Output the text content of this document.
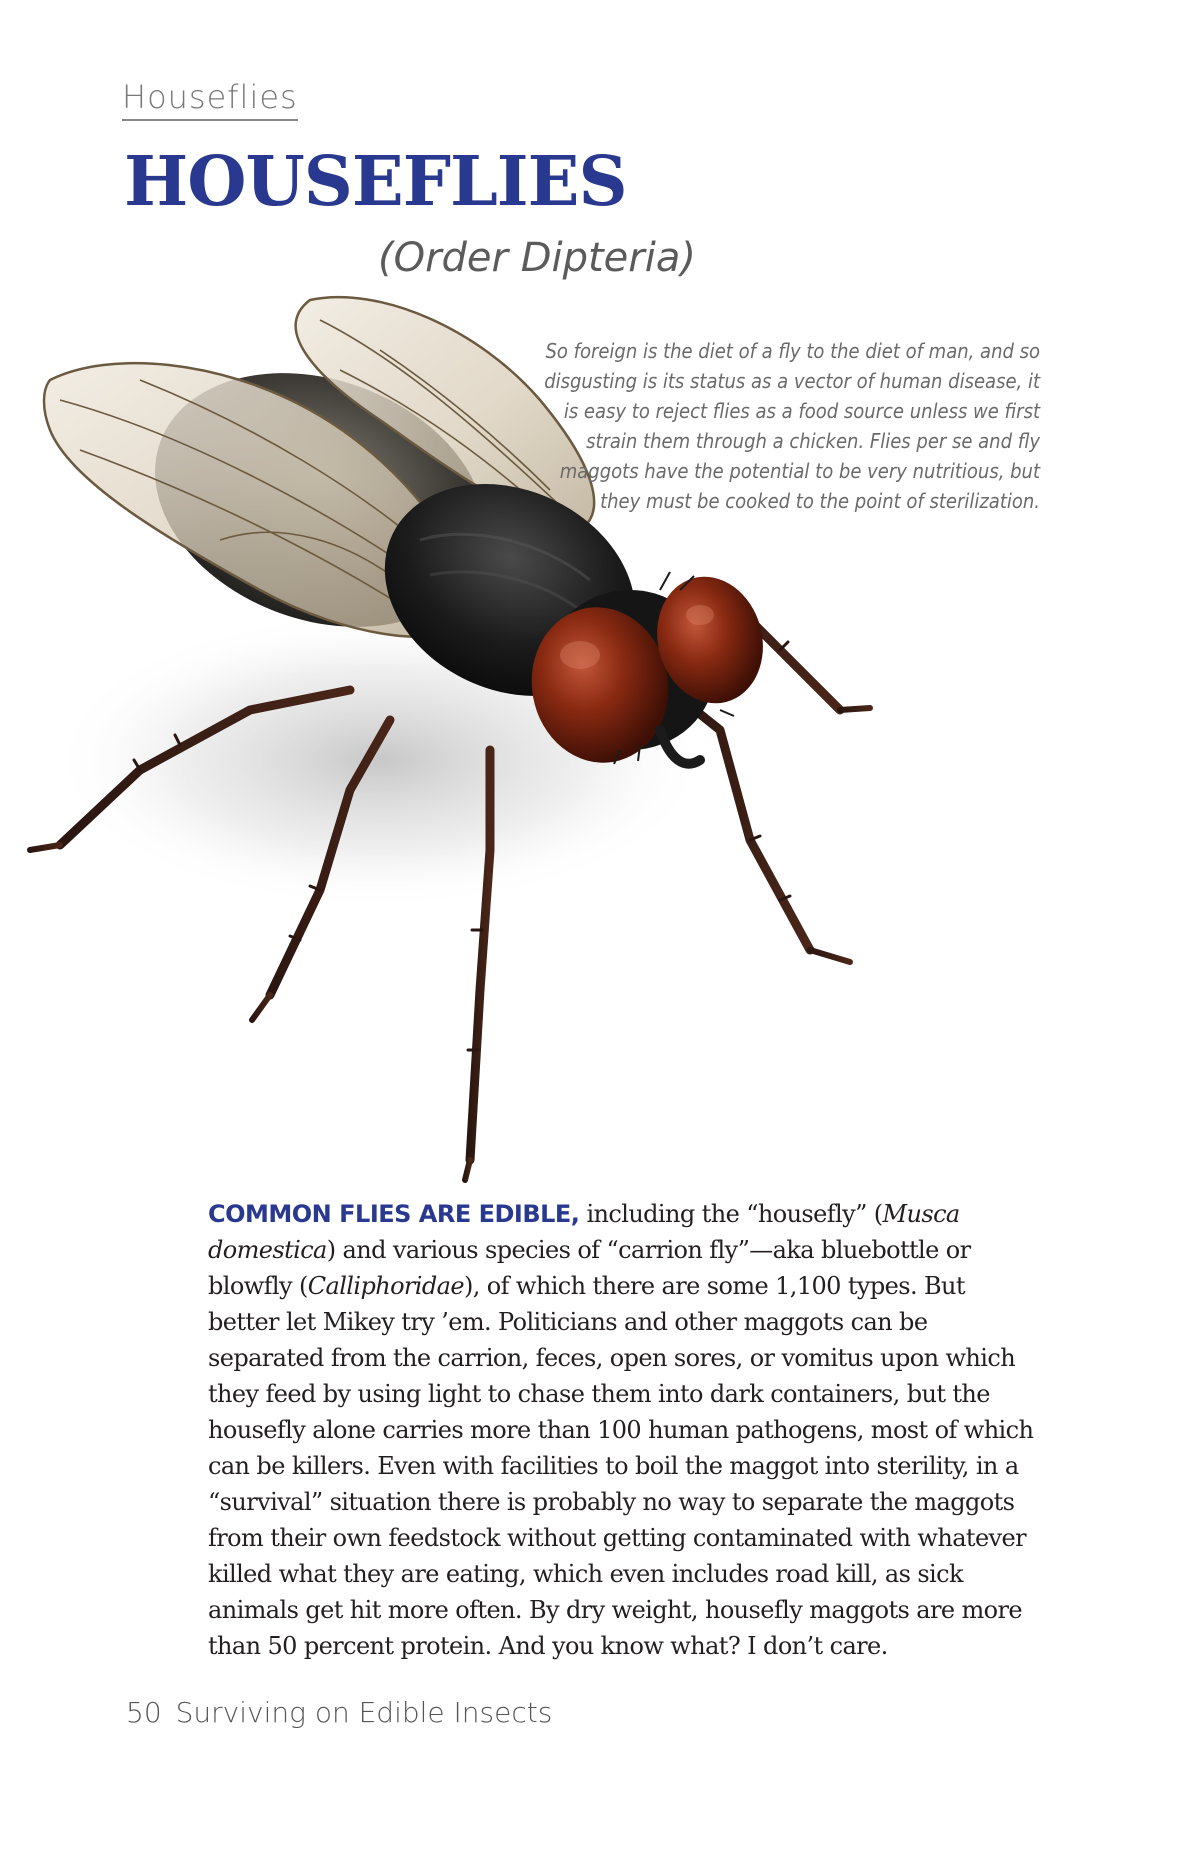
Houseflies
HOUSEFLIES
(Order Dipteria)
So foreign is the diet of a fly to the diet of man, and so disgusting is its status as a vector of human disease, it is easy to reject flies as a food source unless we first strain them through a chicken. Flies per se and fly maggots have the potential to be very nutritious, but they must be cooked to the point of sterilization.

COMMON FLIES ARE EDIBLE, including the “housefly” (Musca domestica) and various species of “carrion fly”—aka bluebottle or blowfly (Calliphoridae), of which there are some 1,100 types. But better let Mikey try ’em. Politicians and other maggots can be separated from the carrion, feces, open sores, or vomitus upon which they feed by using light to chase them into dark containers, but the housefly alone carries more than 100 human pathogens, most of which can be killers. Even with facilities to boil the maggot into sterility, in a “survival” situation there is probably no way to separate the maggots from their own feedstock without getting contaminated with whatever killed what they are eating, which even includes road kill, as sick animals get hit more often. By dry weight, housefly maggots are more than 50 percent protein. And you know what? I don’t care.

50 Surviving on Edible Insects
